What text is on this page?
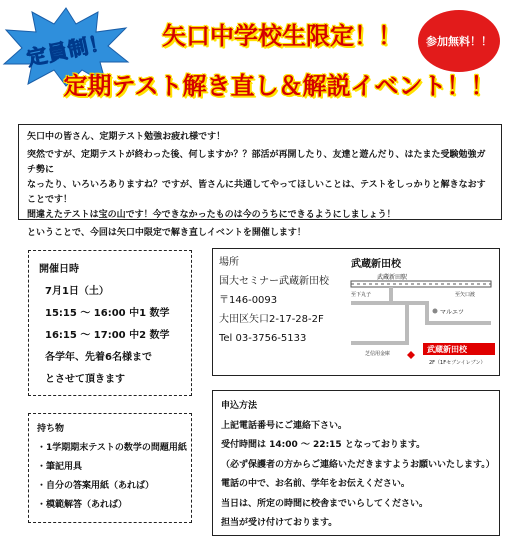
定員制！	矢口中学校生限定！！
定期テスト解き直し＆解説イベント！！
参加無料！！

矢口中の皆さん、定期テスト勉強お疲れ様です！

突然ですが、定期テストが終わった後、何しますか？？部活が再開したり、友達と遊んだり、はたまた受験勉強ガチ勢に

なったり、いろいろありますね？ですが、皆さんに共通してやってほしいことは、テストをしっかりと解きなおすことです！

間違えたテストは宝の山です！今できなかったものは今のうちにできるようにしましょう！

ということで、今回は矢口中限定で解き直しイベントを開催します！

開催日時
7月1日（土）
15:15 ～ 16:00 中1 数学
16:15 ～ 17:00 中2 数学
各学年、先着6名様まで
とさせて頂きます
場所
国大セミナー武蔵新田校
〒146-0093
大田区矢口2-17-28-2F
Tel 03-3756-5133
武蔵新田校
武蔵新田駅
至下丸子	至矢口渡
マルエツ
芝信用金庫	武蔵新田校
2F（1Fセブンイレブン）
持ち物
・1学期期末テストの数学の問題用紙
・筆記用具
・自分の答案用紙（あれば）
・模範解答（あれば）
申込方法
上記電話番号にご連絡下さい。
受付時間は 14:00 ～ 22:15 となっております。
（必ず保護者の方からご連絡いただきますようお願いいたします。）
電話の中で、お名前、学年をお伝えください。
当日は、所定の時間に校舎までいらしてください。
担当が受け付けております。
